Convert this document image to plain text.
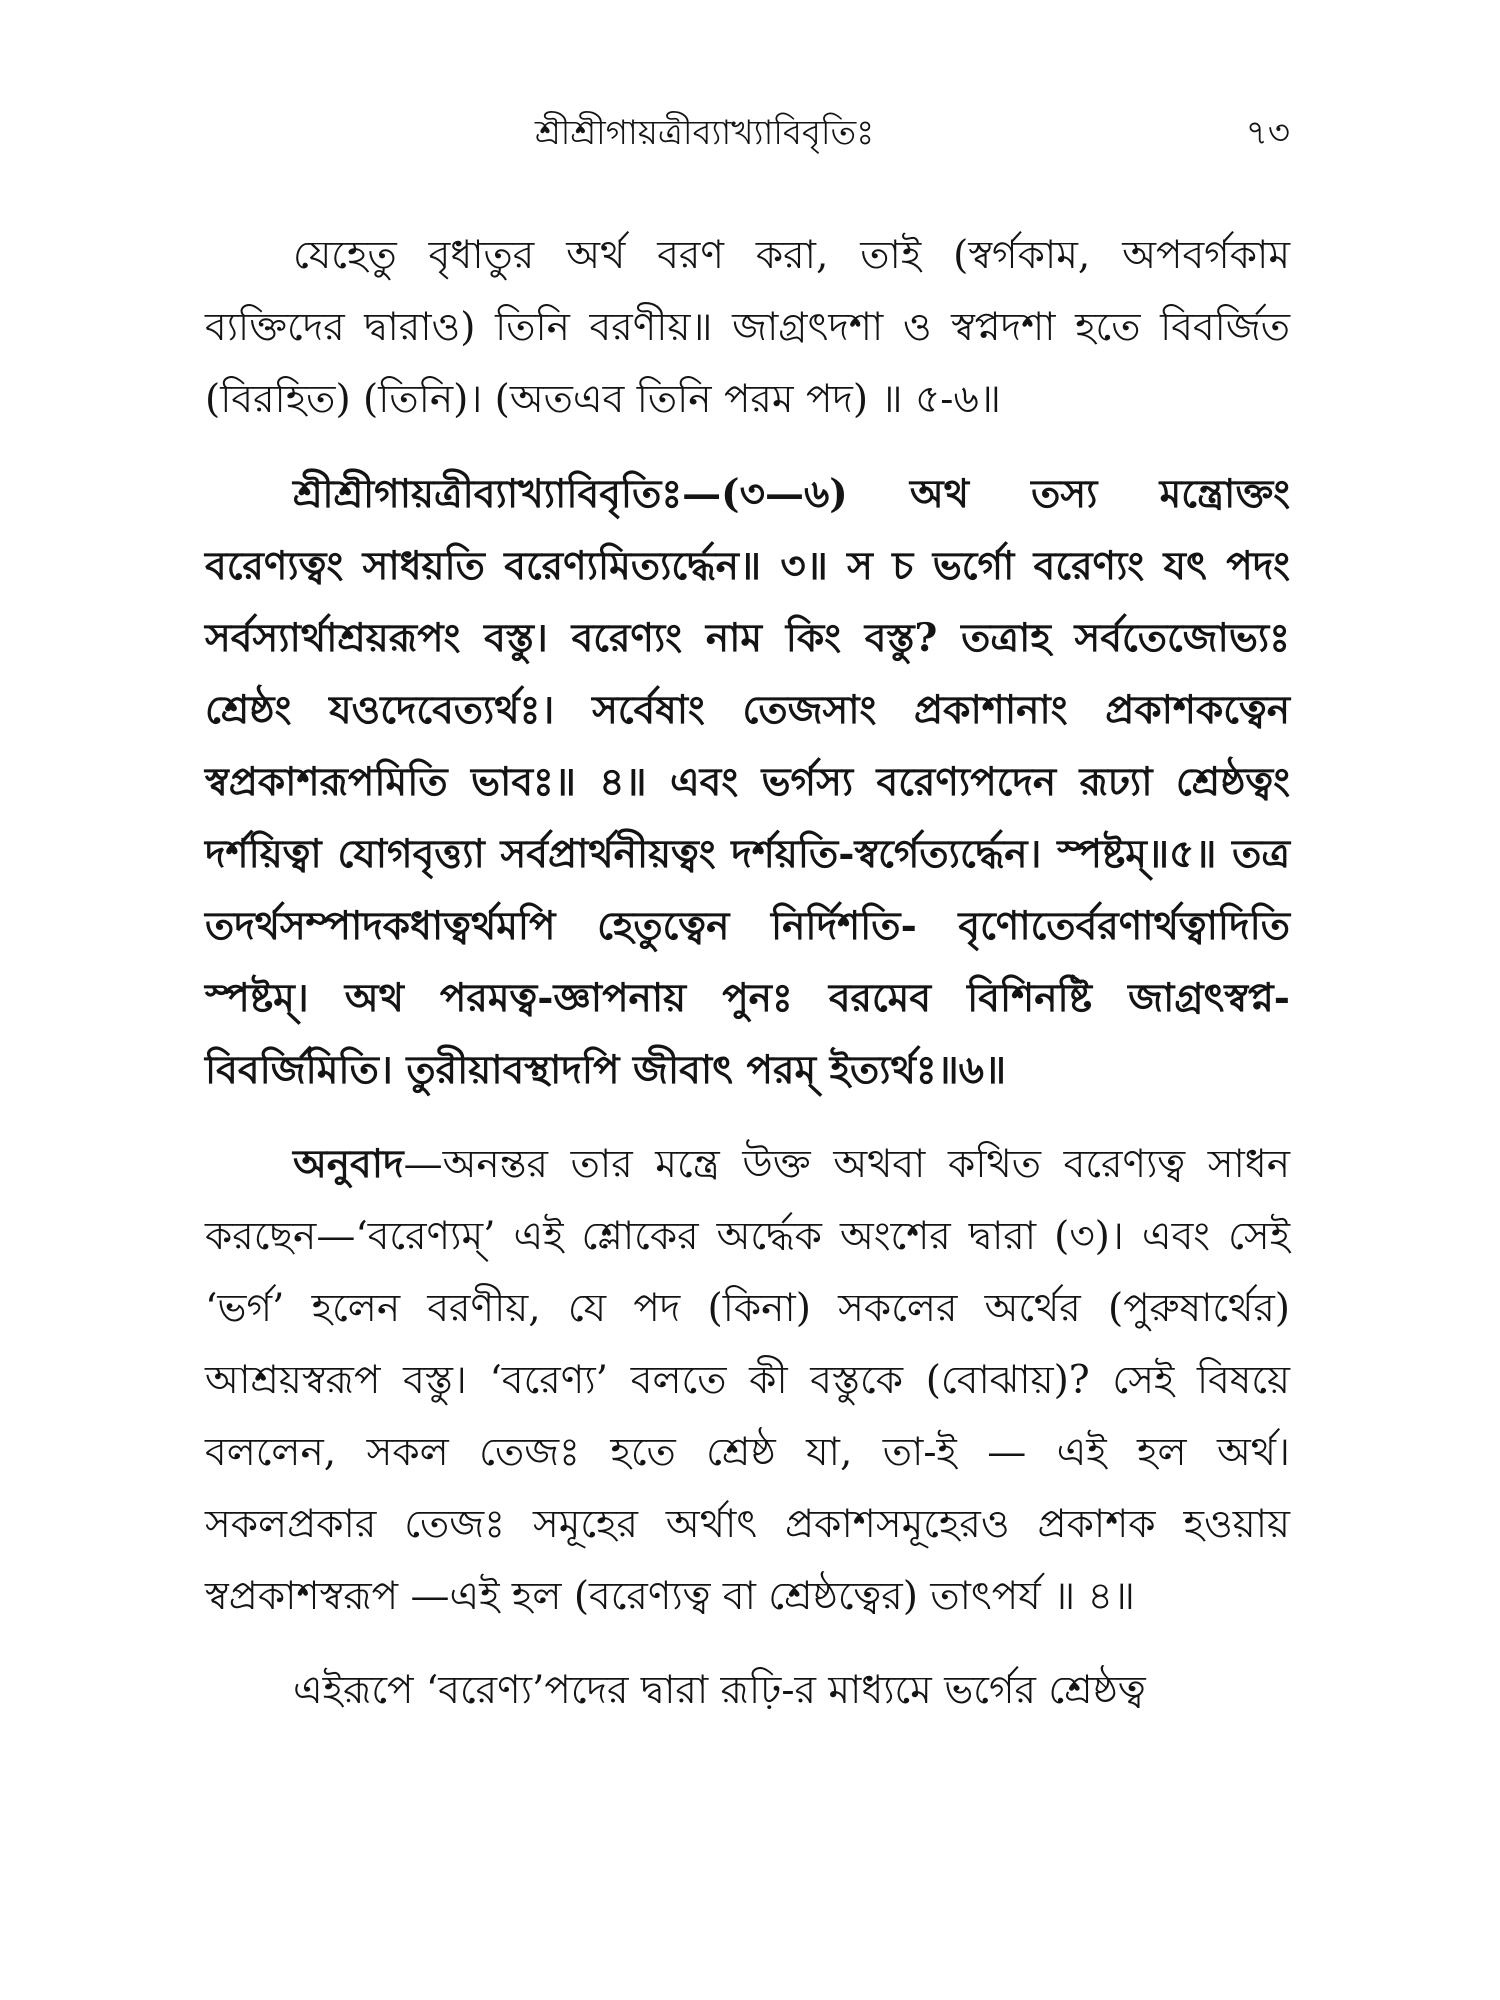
শ্রীশ্রীগায়ত্রীব্যাখ্যাবিবৃতিঃ	৭৩

যেহেতু বৃধাতুর অর্থ বরণ করা, তাই (স্বর্গকাম, অপবর্গকাম ব্যক্তিদের দ্বারাও) তিনি বরণীয়॥ জাগ্রৎদশা ও স্বপ্নদশা হতে বিবর্জিত (বিরহিত) (তিনি)। (অতএব তিনি পরম পদ) ॥ ৫-৬॥

শ্রীশ্রীগায়ত্রীব্যাখ্যাবিবৃতিঃ—(৩—৬) অথ তস্য মন্ত্রোক্তং বরেণ্যত্বং সাধয়তি বরেণ্যমিত্যর্দ্ধেন॥ ৩॥ স চ ভর্গো বরেণ্যং যৎ পদং সর্বস্যার্থাশ্রয়রূপং বস্তু। বরেণ্যং নাম কিং বস্তু? তত্রাহ সর্বতেজোভ্যঃ শ্রেষ্ঠং যওদেবেত্যর্থঃ। সর্বেষাং তেজসাং প্রকাশানাং প্রকাশকত্বেন স্বপ্রকাশরূপমিতি ভাবঃ॥ ৪॥ এবং ভর্গস্য বরেণ্যপদেন রূঢ্যা শ্রেষ্ঠত্বং দর্শয়িত্বা যোগবৃত্ত্যা সর্বপ্রার্থনীয়ত্বং দর্শয়তি-স্বর্গেত্যর্দ্ধেন। স্পষ্টম্॥৫॥ তত্র তদর্থসম্পাদকধাত্বর্থমপি হেতুত্বেন নির্দিশতি- বৃণোতের্বরণার্থত্বাদিতি স্পষ্টম্। অথ পরমত্ব-জ্ঞাপনায় পুনঃ বরমেব বিশিনষ্টি জাগ্রৎস্বপ্ন- বিবর্জিমিতি। তুরীয়াবস্থাদপি জীবাৎ পরম্ ইত্যর্থঃ॥৬॥

অনুবাদ—অনন্তর তার মন্ত্রে উক্ত অথবা কথিত বরেণ্যত্ব সাধন করছেন—‘বরেণ্যম্’ এই শ্লোকের অর্দ্ধেক অংশের দ্বারা (৩)। এবং সেই ‘ভর্গ’ হলেন বরণীয়, যে পদ (কিনা) সকলের অর্থের (পুরুষার্থের) আশ্রয়স্বরূপ বস্তু। ‘বরেণ্য’ বলতে কী বস্তুকে (বোঝায়)? সেই বিষয়ে বললেন, সকল তেজঃ হতে শ্রেষ্ঠ যা, তা-ই — এই হল অর্থ। সকলপ্রকার তেজঃ সমূহের অর্থাৎ প্রকাশসমূহেরও প্রকাশক হওয়ায় স্বপ্রকাশস্বরূপ —এই হল (বরেণ্যত্ব বা শ্রেষ্ঠত্বের) তাৎপর্য ॥ ৪॥

এইরূপে ‘বরেণ্য’পদের দ্বারা রূঢ়ি-র মাধ্যমে ভর্গের শ্রেষ্ঠত্ব
